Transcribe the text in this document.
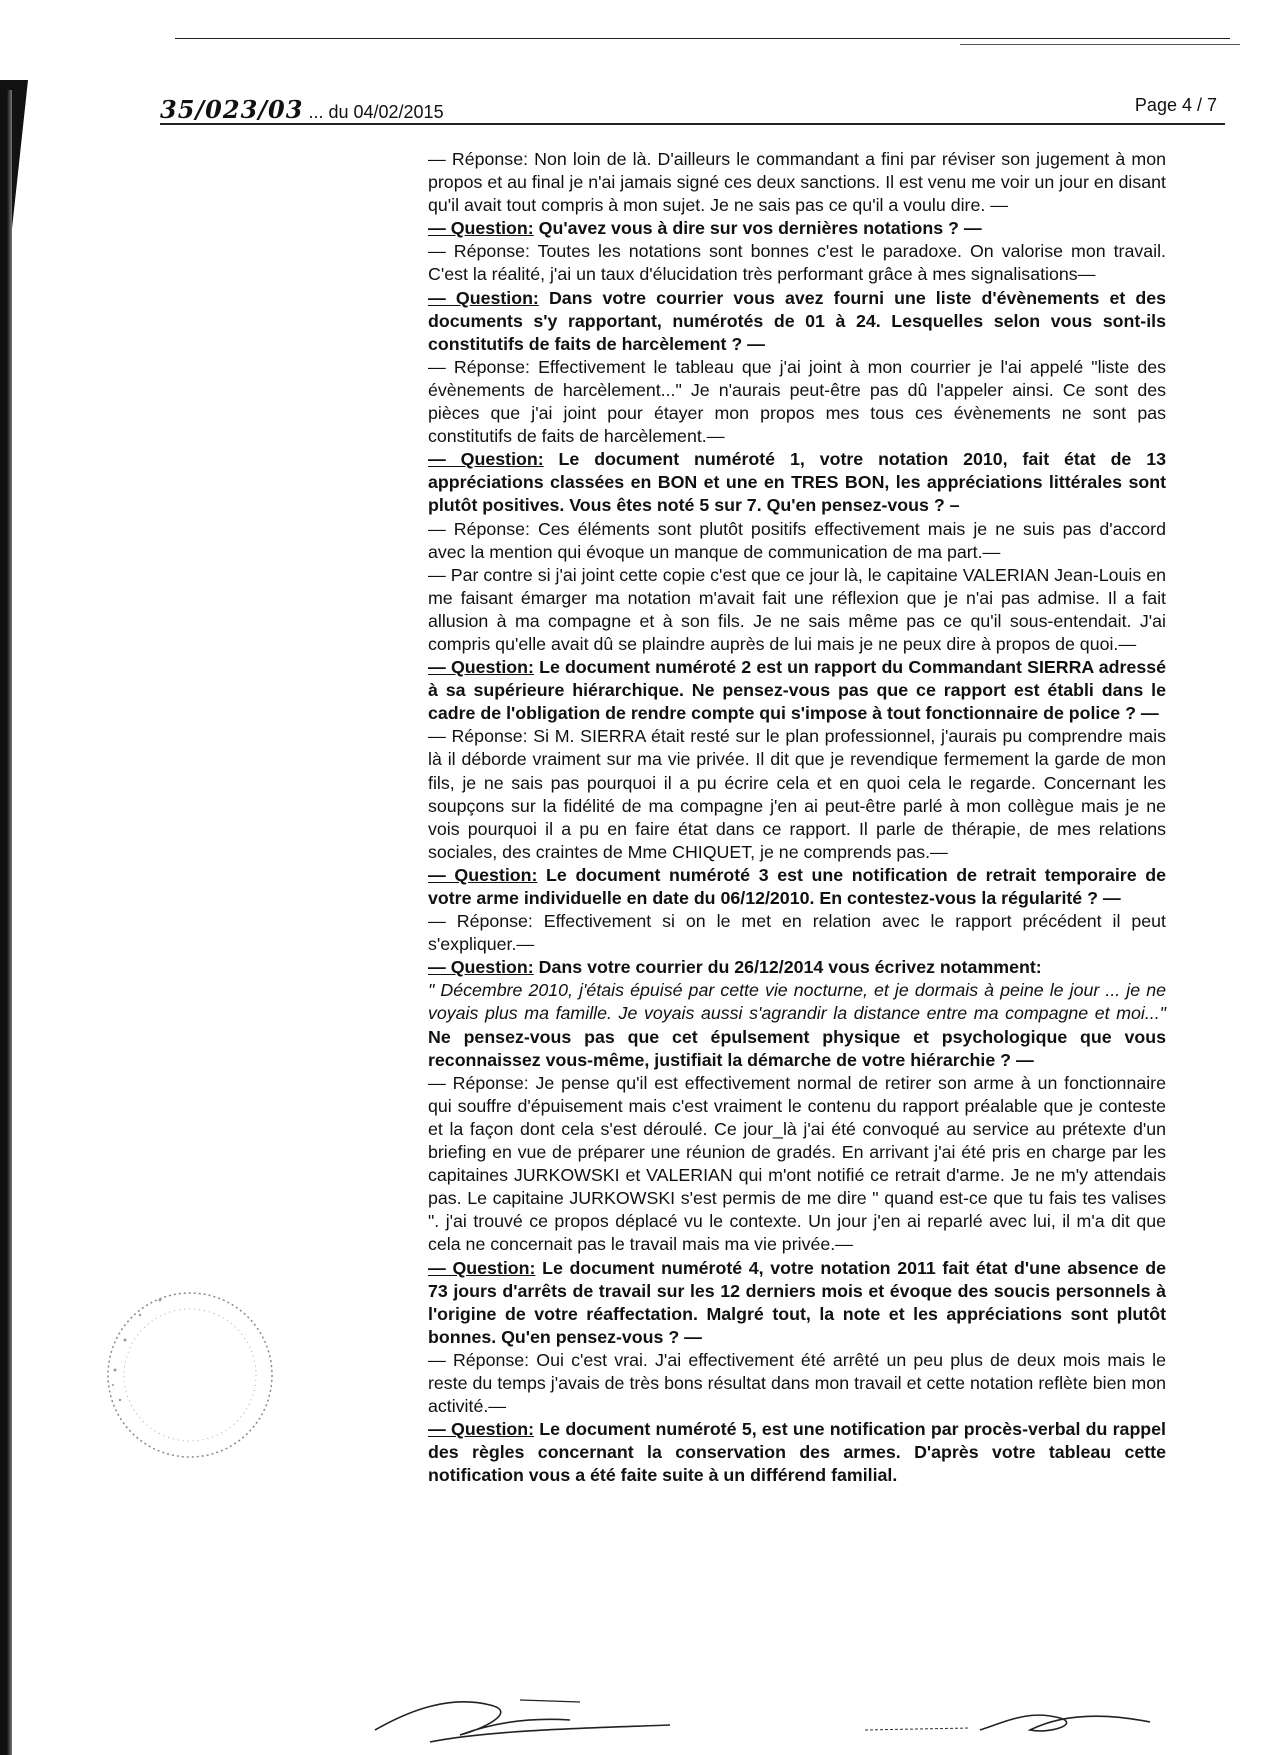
35/023/03 ... du 04/02/2015	Page 4 / 7

— Réponse: Non loin de là. D'ailleurs le commandant a fini par réviser son jugement à mon propos et au final je n'ai jamais signé ces deux sanctions. Il est venu me voir un jour en disant qu'il avait tout compris à mon sujet. Je ne sais pas ce qu'il a voulu dire. —

— Question: Qu'avez vous à dire sur vos dernières notations ? —

— Réponse: Toutes les notations sont bonnes c'est le paradoxe. On valorise mon travail. C'est la réalité, j'ai un taux d'élucidation très performant grâce à mes signalisations—

— Question: Dans votre courrier vous avez fourni une liste d'évènements et des documents s'y rapportant, numérotés de 01 à 24. Lesquelles selon vous sont-ils constitutifs de faits de harcèlement ? —

— Réponse: Effectivement le tableau que j'ai joint à mon courrier je l'ai appelé "liste des évènements de harcèlement..." Je n'aurais peut-être pas dû l'appeler ainsi. Ce sont des pièces que j'ai joint pour étayer mon propos mes tous ces évènements ne sont pas constitutifs de faits de harcèlement.—

— Question: Le document numéroté 1, votre notation 2010, fait état de 13 appréciations classées en BON et une en TRES BON, les appréciations littérales sont plutôt positives. Vous êtes noté 5 sur 7. Qu'en pensez-vous ? –

— Réponse: Ces éléments sont plutôt positifs effectivement mais je ne suis pas d'accord avec la mention qui évoque un manque de communication de ma part.—

— Par contre si j'ai joint cette copie c'est que ce jour là, le capitaine VALERIAN Jean-Louis en me faisant émarger ma notation m'avait fait une réflexion que je n'ai pas admise. Il a fait allusion à ma compagne et à son fils. Je ne sais même pas ce qu'il sous-entendait. J'ai compris qu'elle avait dû se plaindre auprès de lui mais je ne peux dire à propos de quoi.—

— Question: Le document numéroté 2 est un rapport du Commandant SIERRA adressé à sa supérieure hiérarchique. Ne pensez-vous pas que ce rapport est établi dans le cadre de l'obligation de rendre compte qui s'impose à tout fonctionnaire de police ? —

— Réponse: Si M. SIERRA était resté sur le plan professionnel, j'aurais pu comprendre mais là il déborde vraiment sur ma vie privée. Il dit que je revendique fermement la garde de mon fils, je ne sais pas pourquoi il a pu écrire cela et en quoi cela le regarde. Concernant les soupçons sur la fidélité de ma compagne j'en ai peut-être parlé à mon collègue mais je ne vois pourquoi il a pu en faire état dans ce rapport. Il parle de thérapie, de mes relations sociales, des craintes de Mme CHIQUET, je ne comprends pas.—

— Question: Le document numéroté 3 est une notification de retrait temporaire de votre arme individuelle en date du 06/12/2010. En contestez-vous la régularité ? —

— Réponse: Effectivement si on le met en relation avec le rapport précédent il peut s'expliquer.—

— Question: Dans votre courrier du 26/12/2014 vous écrivez notamment:

" Décembre 2010, j'étais épuisé par cette vie nocturne, et je dormais à peine le jour ... je ne voyais plus ma famille. Je voyais aussi s'agrandir la distance entre ma compagne et moi..." Ne pensez-vous pas que cet épulsement physique et psychologique que vous reconnaissez vous-même, justifiait la démarche de votre hiérarchie ? —

— Réponse: Je pense qu'il est effectivement normal de retirer son arme à un fonctionnaire qui souffre d'épuisement mais c'est vraiment le contenu du rapport préalable que je conteste et la façon dont cela s'est déroulé. Ce jour_là j'ai été convoqué au service au prétexte d'un briefing en vue de préparer une réunion de gradés. En arrivant j'ai été pris en charge par les capitaines JURKOWSKI et VALERIAN qui m'ont notifié ce retrait d'arme. Je ne m'y attendais pas. Le capitaine JURKOWSKI s'est permis de me dire " quand est-ce que tu fais tes valises ". j'ai trouvé ce propos déplacé vu le contexte. Un jour j'en ai reparlé avec lui, il m'a dit que cela ne concernait pas le travail mais ma vie privée.—

— Question: Le document numéroté 4, votre notation 2011 fait état d'une absence de 73 jours d'arrêts de travail sur les 12 derniers mois et évoque des soucis personnels à l'origine de votre réaffectation. Malgré tout, la note et les appréciations sont plutôt bonnes. Qu'en pensez-vous ? —

— Réponse: Oui c'est vrai. J'ai effectivement été arrêté un peu plus de deux mois mais le reste du temps j'avais de très bons résultat dans mon travail et cette notation reflète bien mon activité.—

— Question: Le document numéroté 5, est une notification par procès-verbal du rappel des règles concernant la conservation des armes. D'après votre tableau cette notification vous a été faite suite à un différend familial.
